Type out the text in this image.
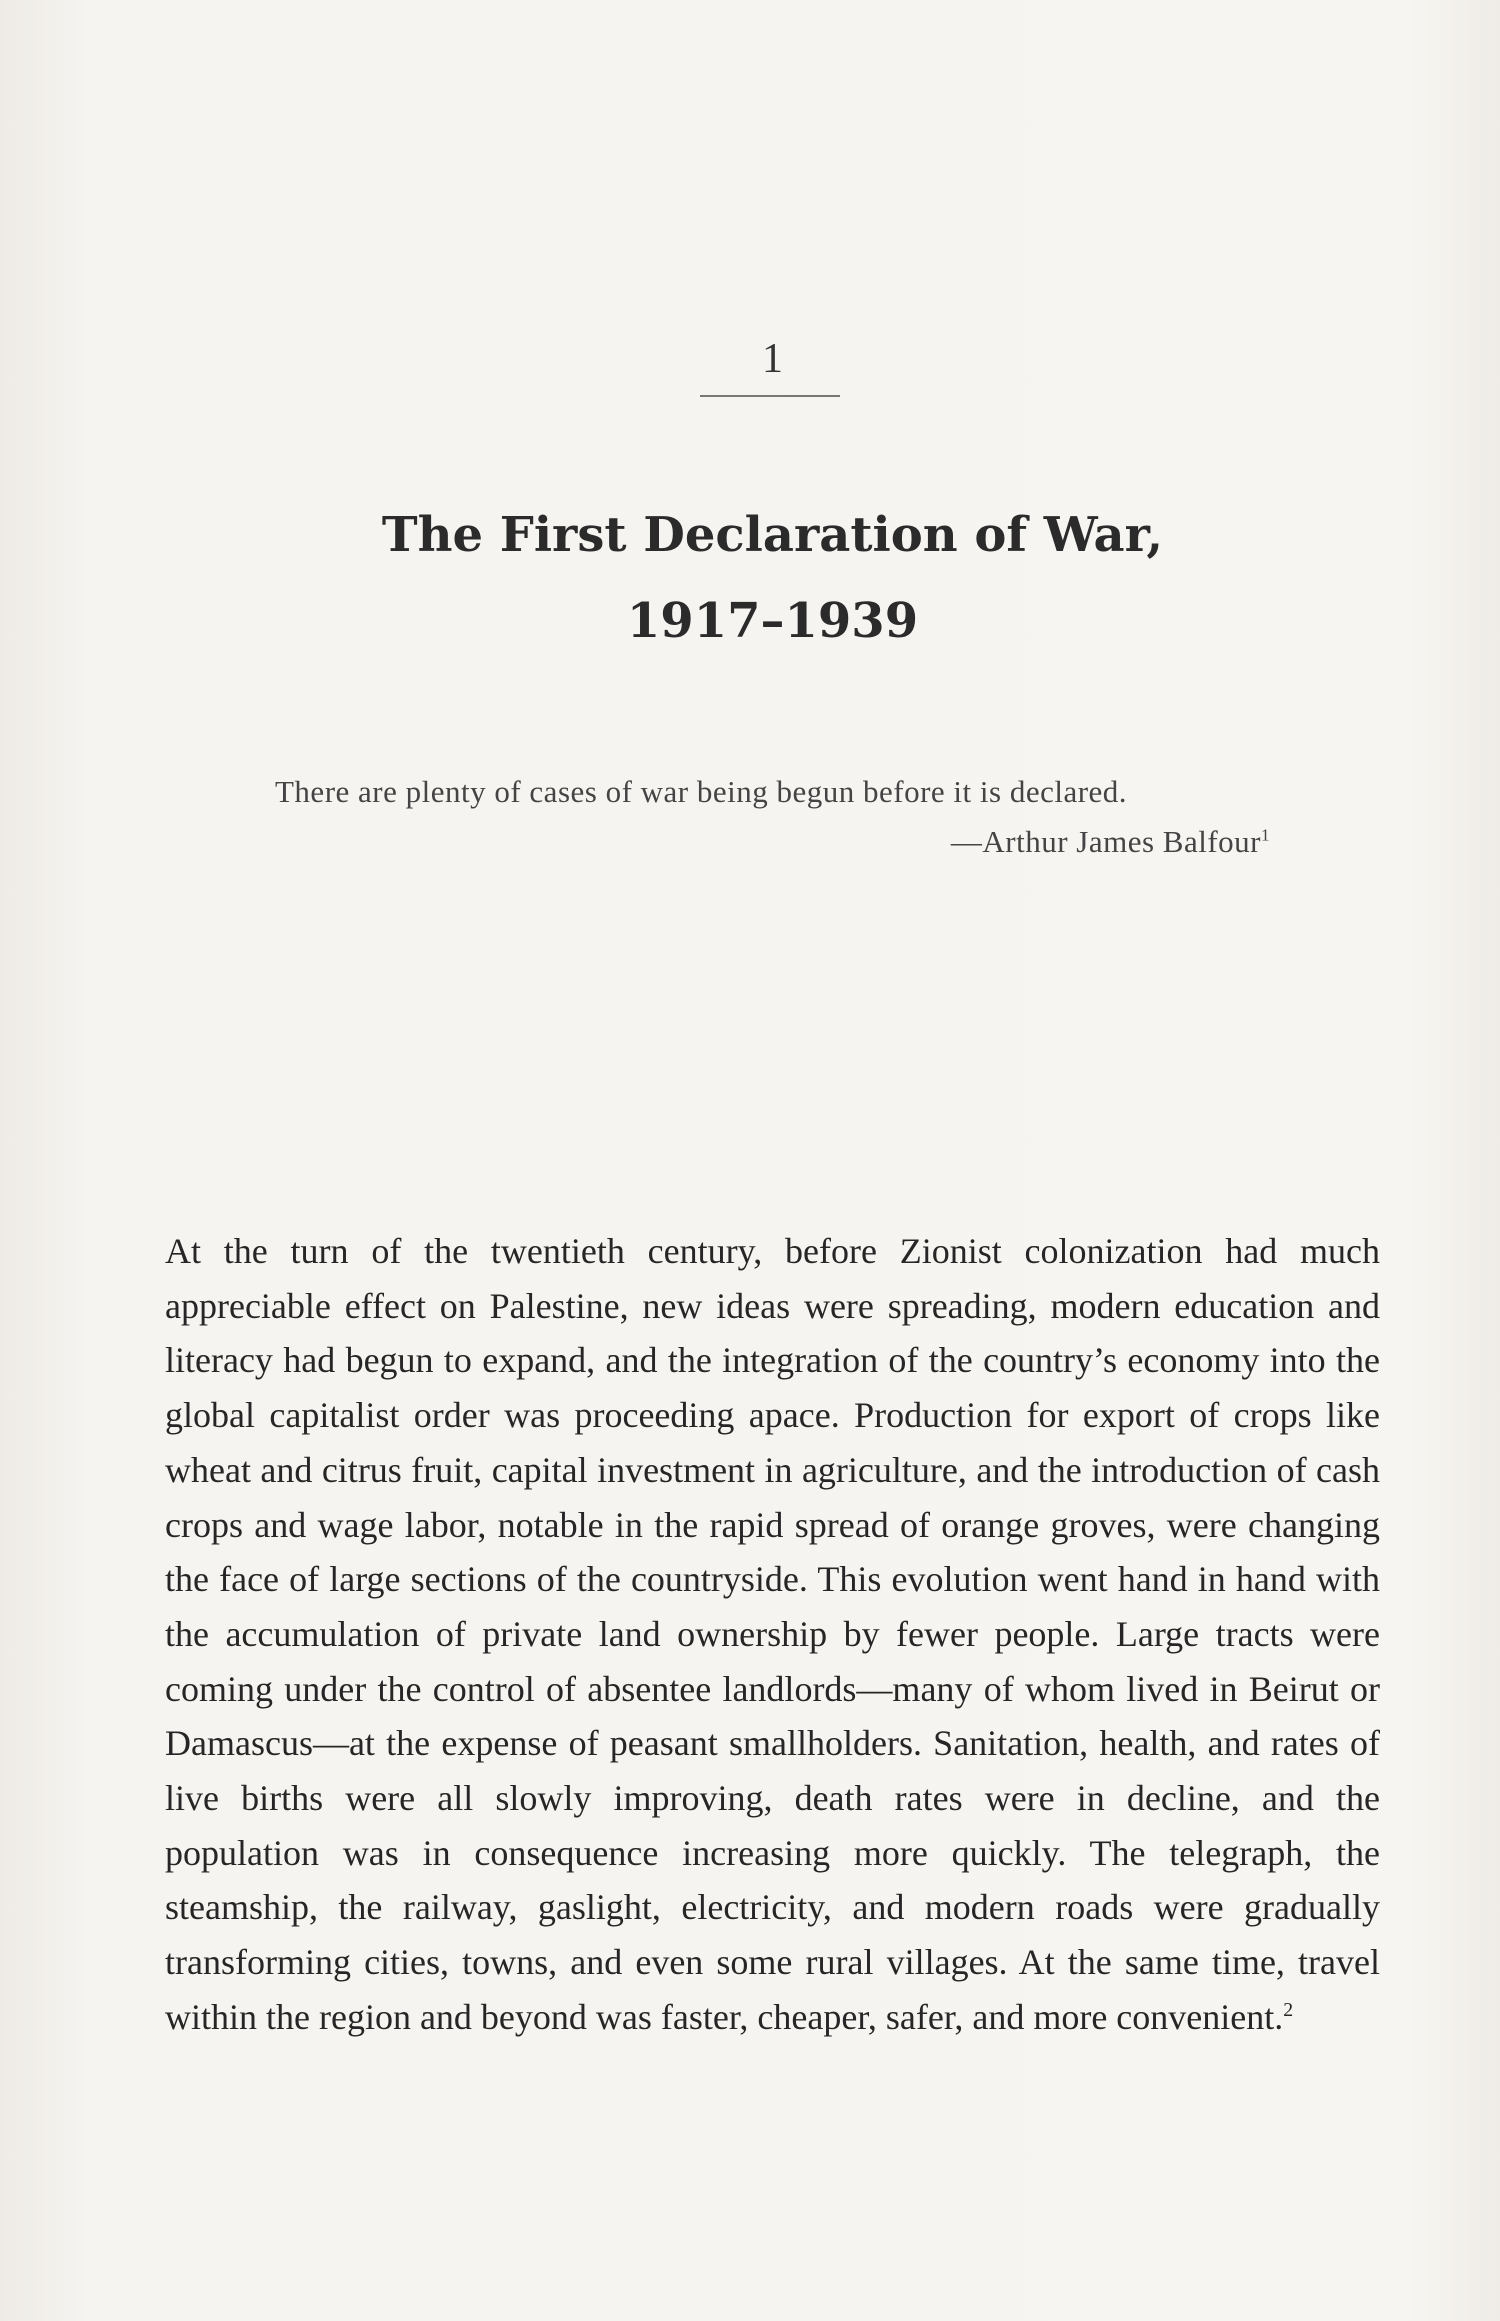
1
The First Declaration of War,
1917–1939
There are plenty of cases of war being begun before it is declared.
—Arthur James Balfour$^1$

At the turn of the twentieth century, before Zionist colonization had much appreciable effect on Palestine, new ideas were spreading, modern education and literacy had begun to expand, and the integration of the country’s economy into the global capitalist order was proceeding apace. Production for export of crops like wheat and citrus fruit, capital investment in agriculture, and the introduction of cash crops and wage labor, notable in the rapid spread of orange groves, were changing the face of large sections of the countryside. This evolution went hand in hand with the accumulation of private land ownership by fewer people. Large tracts were coming under the control of absentee landlords—many of whom lived in Beirut or Damascus—at the expense of peasant smallholders. Sanitation, health, and rates of live births were all slowly improving, death rates were in decline, and the population was in consequence increasing more quickly. The telegraph, the steamship, the railway, gaslight, electricity, and modern roads were gradually transforming cities, towns, and even some rural villages. At the same time, travel within the region and beyond was faster, cheaper, safer, and more convenient.$^2$
